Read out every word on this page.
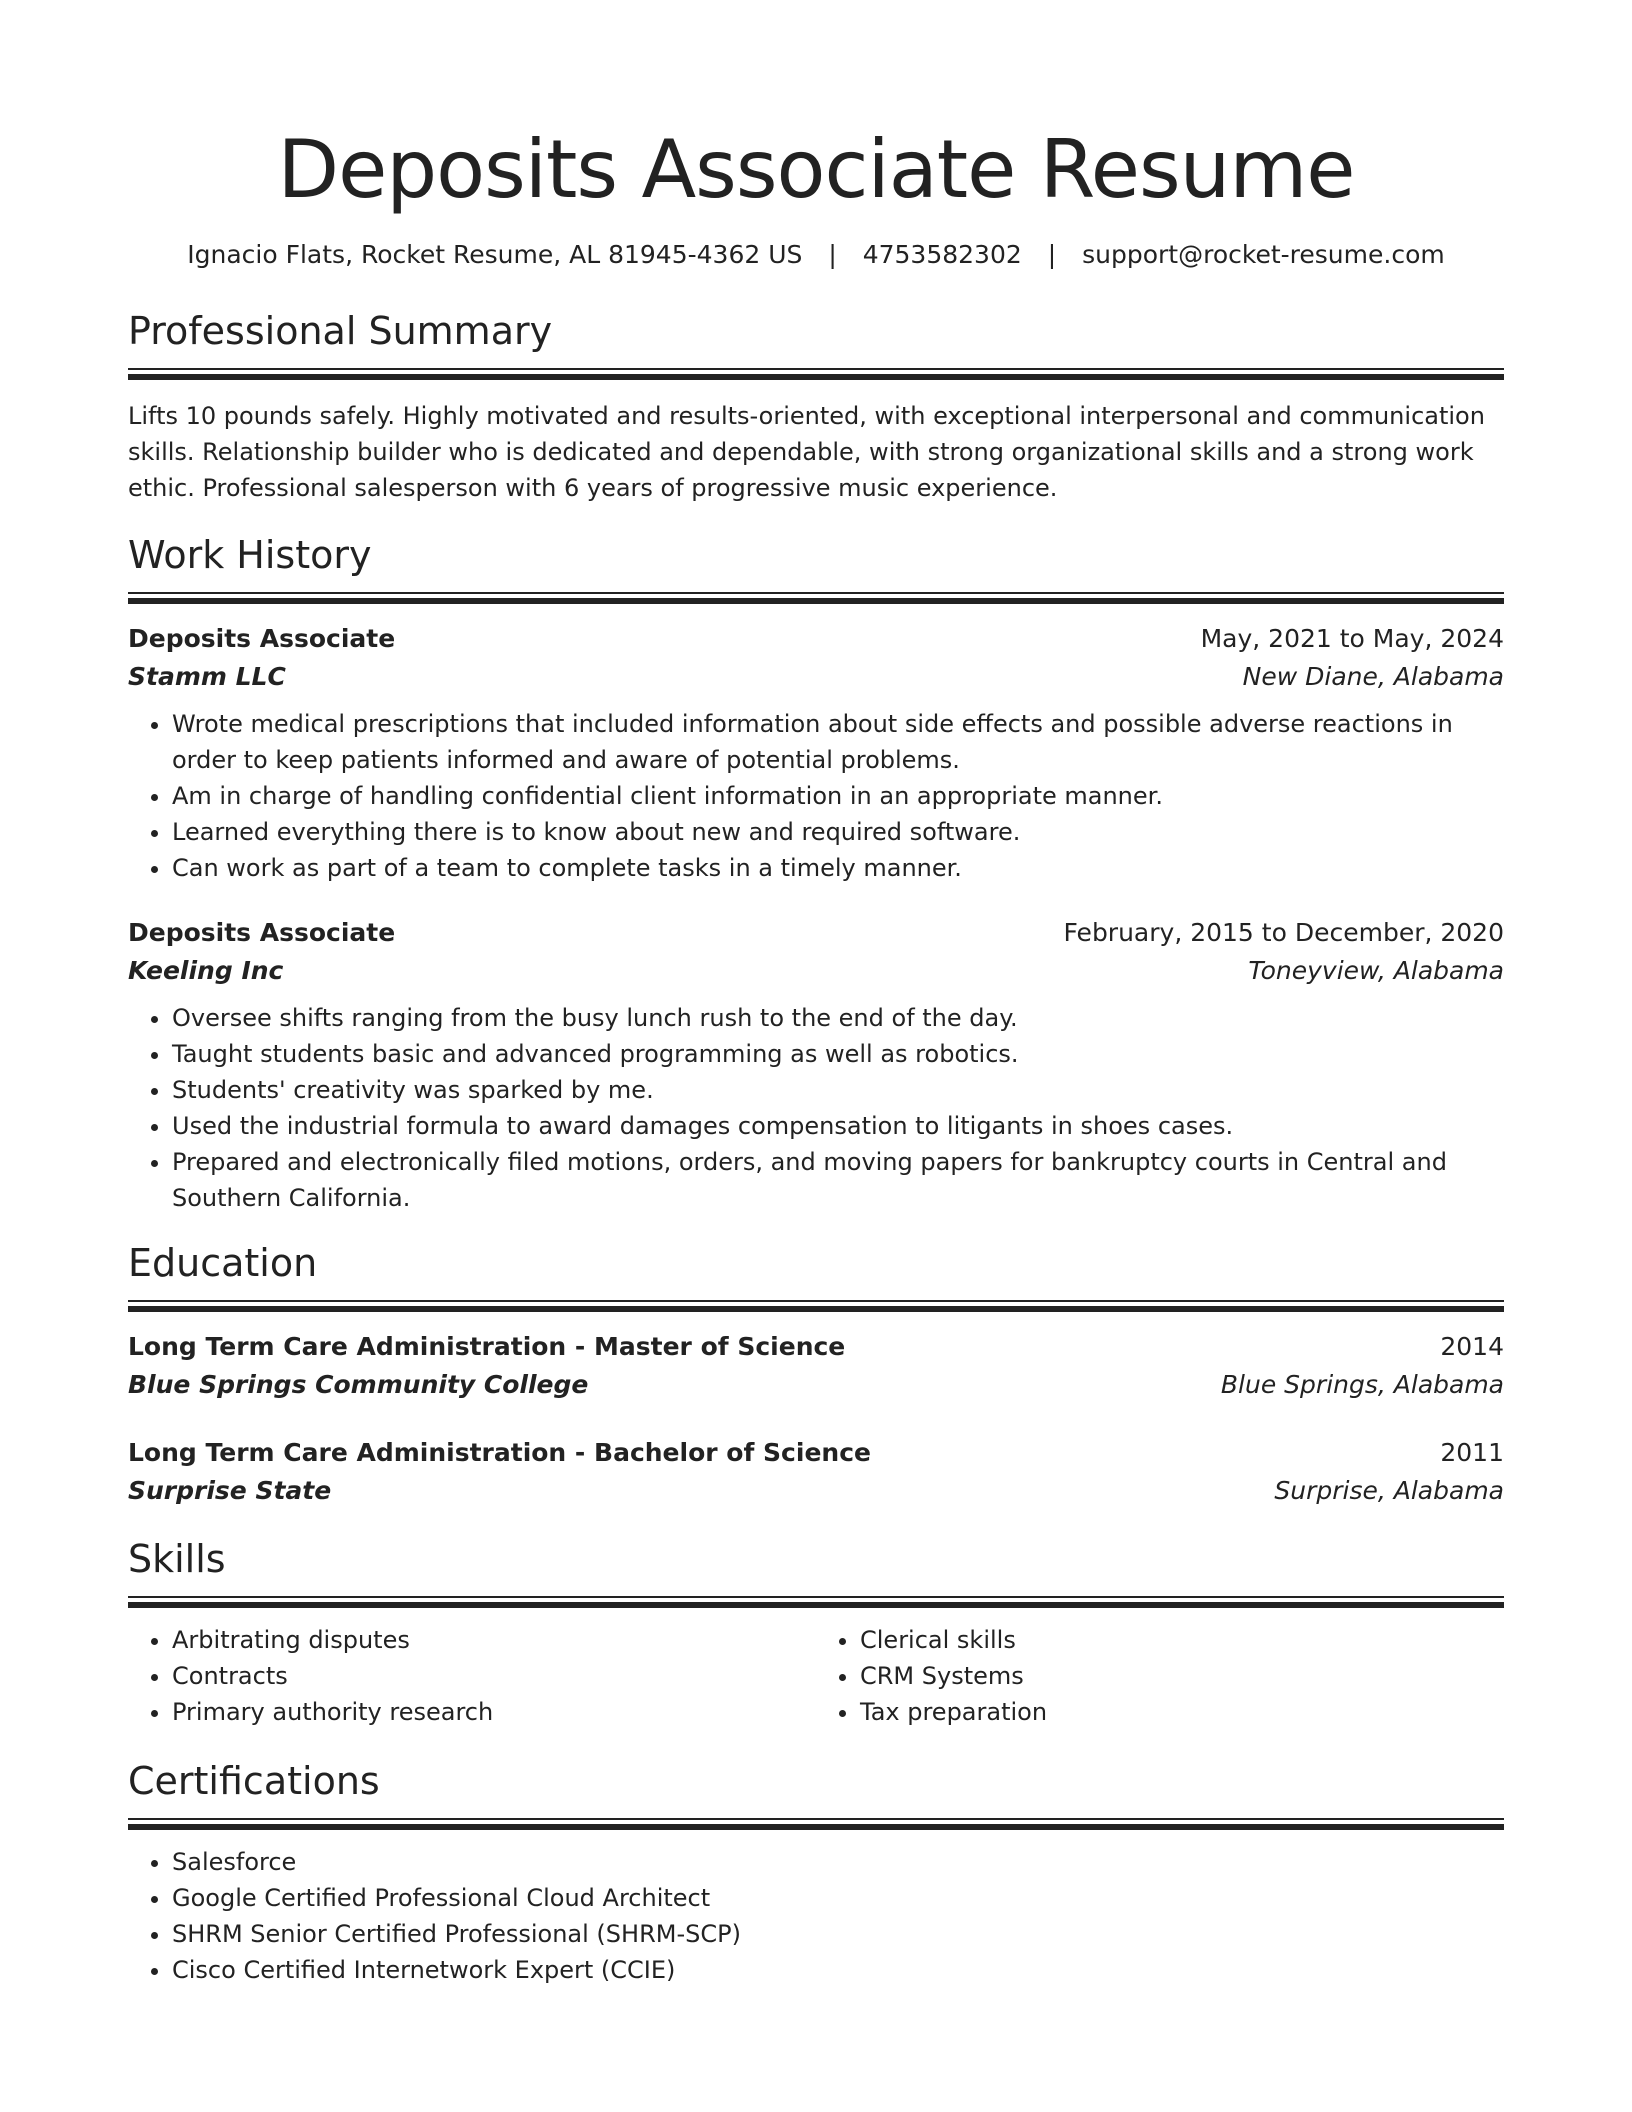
Deposits Associate Resume
Ignacio Flats, Rocket Resume, AL 81945-4362 US | 4753582302 | support@rocket-resume.com
Professional Summary
Lifts 10 pounds safely. Highly motivated and results-oriented, with exceptional interpersonal and communication skills. Relationship builder who is dedicated and dependable, with strong organizational skills and a strong work ethic. Professional salesperson with 6 years of progressive music experience.
Work History
Deposits Associate	May, 2021 to May, 2024
Stamm LLC	New Diane, Alabama
• Wrote medical prescriptions that included information about side effects and possible adverse reactions in order to keep patients informed and aware of potential problems.
• Am in charge of handling confidential client information in an appropriate manner.
• Learned everything there is to know about new and required software.
• Can work as part of a team to complete tasks in a timely manner.
Deposits Associate	February, 2015 to December, 2020
Keeling Inc	Toneyview, Alabama
• Oversee shifts ranging from the busy lunch rush to the end of the day.
• Taught students basic and advanced programming as well as robotics.
• Students' creativity was sparked by me.
• Used the industrial formula to award damages compensation to litigants in shoes cases.
• Prepared and electronically filed motions, orders, and moving papers for bankruptcy courts in Central and Southern California.
Education
Long Term Care Administration - Master of Science	2014
Blue Springs Community College	Blue Springs, Alabama
Long Term Care Administration - Bachelor of Science	2011
Surprise State	Surprise, Alabama
Skills
• Arbitrating disputes
• Contracts
• Primary authority research
• Clerical skills
• CRM Systems
• Tax preparation
Certifications
• Salesforce
• Google Certified Professional Cloud Architect
• SHRM Senior Certified Professional (SHRM-SCP)
• Cisco Certified Internetwork Expert (CCIE)
